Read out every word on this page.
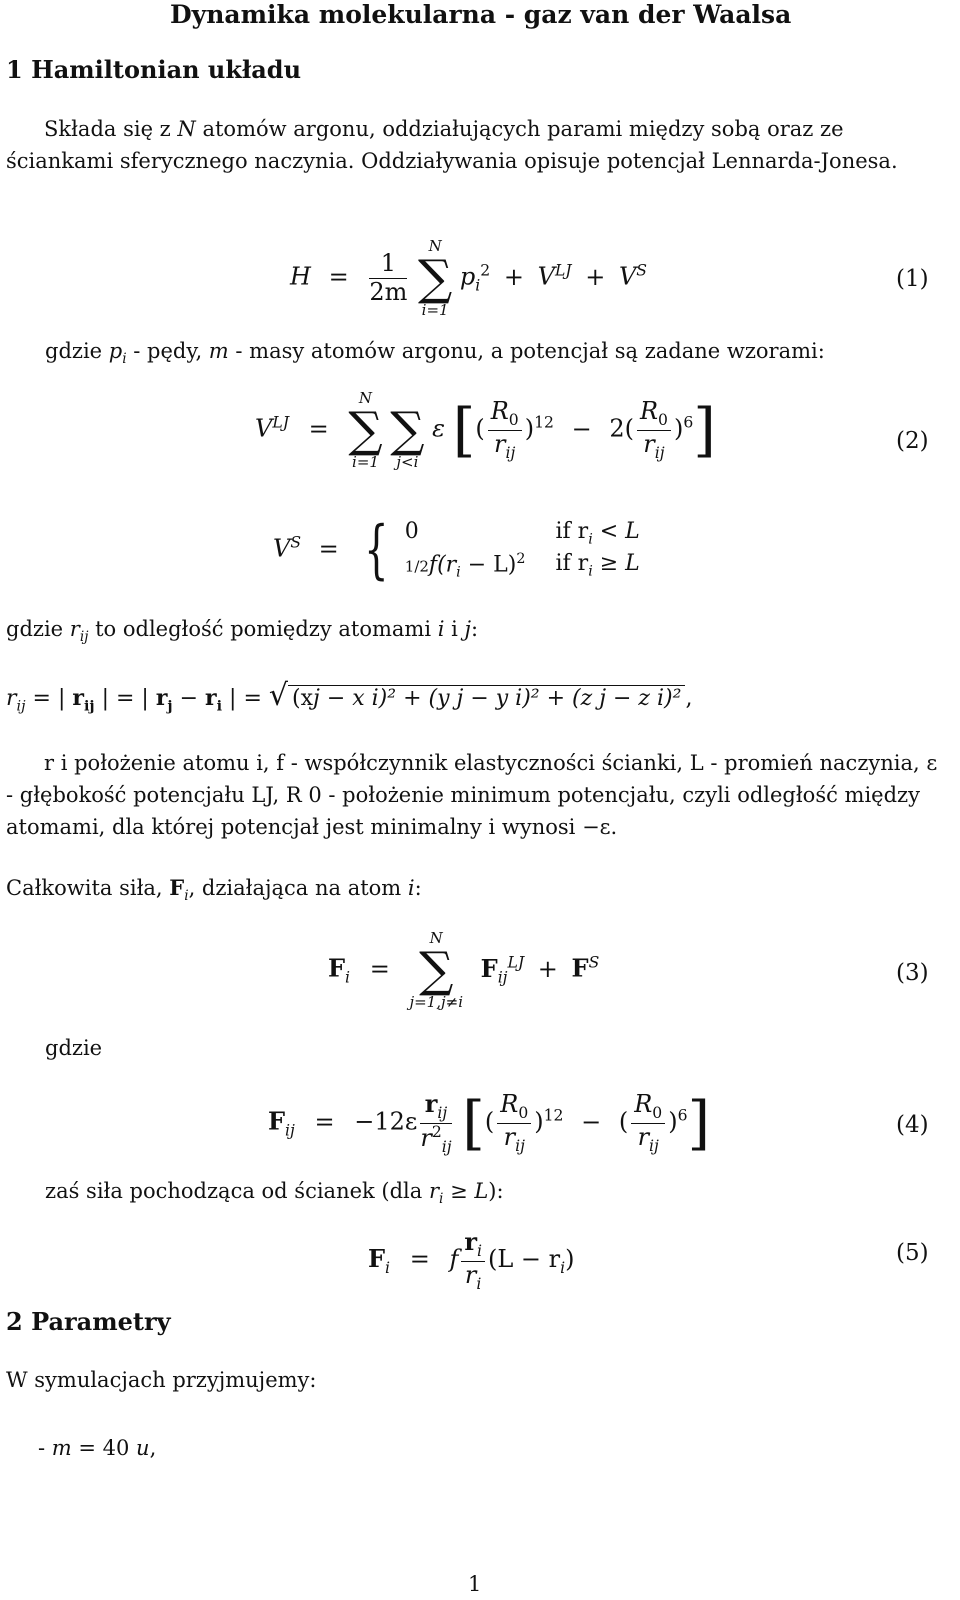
Dynamika molekularna - gaz van der Waalsa
1 Hamiltonian układu
Składa się z N atomów argonu, oddziałujących parami między sobą oraz ze ściankami sferycznego naczynia. Oddziaływania opisuje potencjał Lennarda-Jonesa.
$H = \frac{1}{2m}$

N
∑
i=1
$p_i^2 + V^{LJ} + V^S$	(1)
gdzie $p_i$ - pędy, m - masy atomów argonu, a potencjał są zadane wzorami:
$V^{LJ}$ =
N
∑
i=1

∑
j<i
ε [( $\frac{R_0}{r_{ij}} )^{12} - 2( \frac{R_0}{r_{ij}} )^6$]	(2)
$V^S$ = { 0	if $r_i < L$
$1/2f(r_i - L)^2$ if $r_i \ge L$
gdzie $r_{ij}$ to odległość pomiędzy atomami i i j:
$r_{ij}$ = | $r_{ij}$ | = | $r_j - r_i$ | = √ (xj − x i)² + (y j − y i)² + (z j − z i)² ,
r i położenie atomu i, f - współczynnik elastyczności ścianki, L - promień naczynia, ε - głębokość potencjału LJ, R 0 - położenie minimum potencjału, czyli odległość między atomami, dla której potencjał jest minimalny i wynosi −ε.
Całkowita siła, $F_i$, działająca na atom i:
$F_i$ =
N
∑
j=1,j≠i
$F_{ij}^{LJ} + F^S$	(3)
gdzie
$F_{ij} = -12\varepsilon \frac{r_{ij}}{r^2_{ij}}$ [( $\frac{R_0}{r_{ij}} )^{12}$ − ( $\frac{R_0}{r_{ij}} )^6$]	(4)
zaś siła pochodząca od ścianek (dla $r_i \ge L$):
$F_i = f \frac{r_i}{r_i} (L - r_i)$	(5)
2 Parametry
W symulacjach przyjmujemy:
- m = 40 u,
1
